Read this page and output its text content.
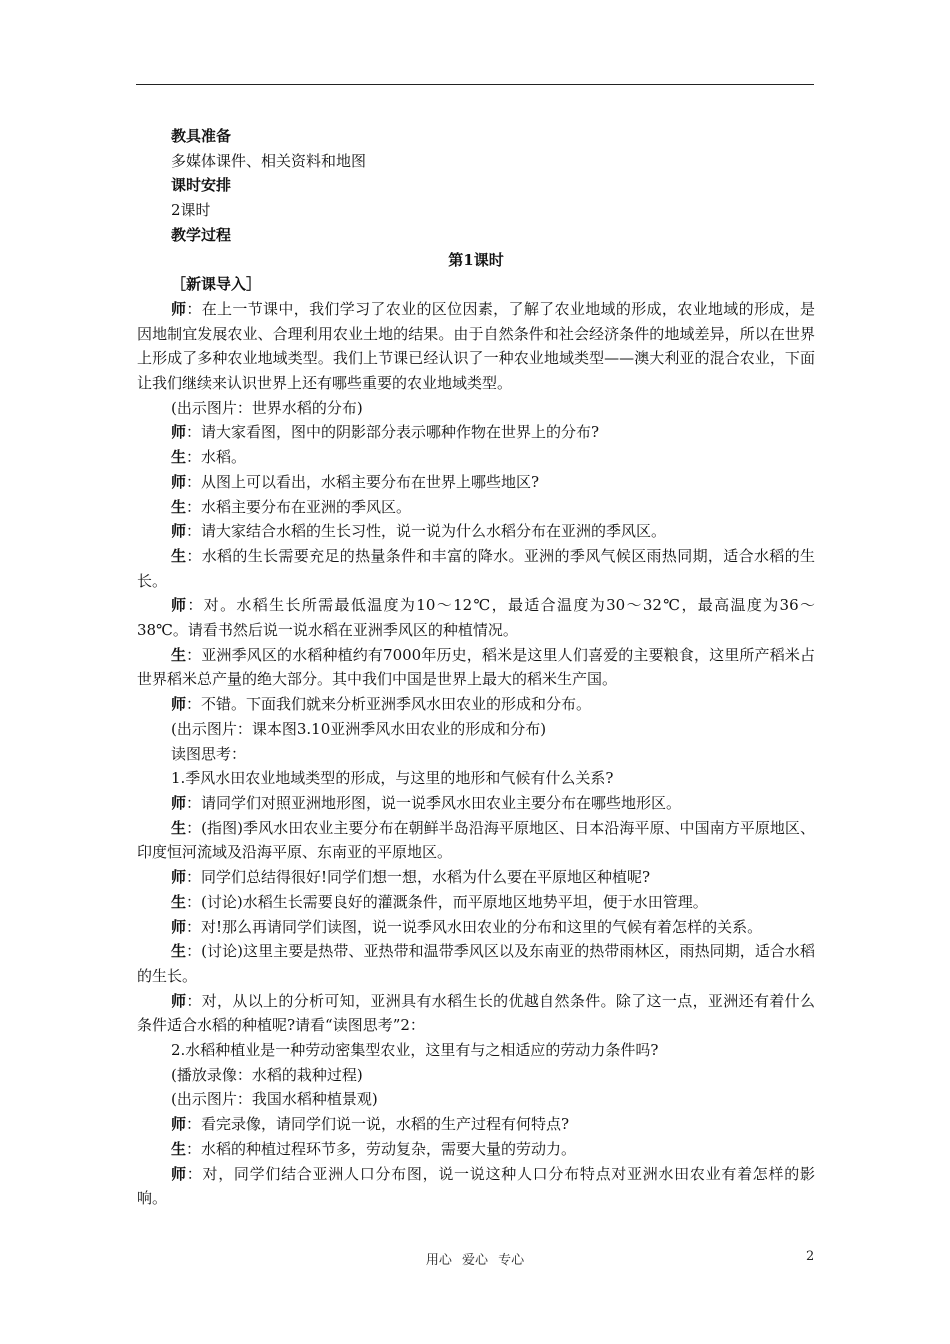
教具准备

多媒体课件、相关资料和地图

课时安排

2课时

教学过程

第1课时

［新课导入］

师：在上一节课中，我们学习了农业的区位因素，了解了农业地域的形成，农业地域的形成，是因地制宜发展农业、合理利用农业土地的结果。由于自然条件和社会经济条件的地域差异，所以在世界上形成了多种农业地域类型。我们上节课已经认识了一种农业地域类型——澳大利亚的混合农业，下面让我们继续来认识世界上还有哪些重要的农业地域类型。

(出示图片：世界水稻的分布)

师：请大家看图，图中的阴影部分表示哪种作物在世界上的分布?

生：水稻。

师：从图上可以看出，水稻主要分布在世界上哪些地区?

生：水稻主要分布在亚洲的季风区。

师：请大家结合水稻的生长习性，说一说为什么水稻分布在亚洲的季风区。

生：水稻的生长需要充足的热量条件和丰富的降水。亚洲的季风气候区雨热同期，适合水稻的生长。

师：对。水稻生长所需最低温度为10～12℃，最适合温度为30～32℃，最高温度为36～38℃。请看书然后说一说水稻在亚洲季风区的种植情况。

生：亚洲季风区的水稻种植约有7000年历史，稻米是这里人们喜爱的主要粮食，这里所产稻米占世界稻米总产量的绝大部分。其中我们中国是世界上最大的稻米生产国。

师：不错。下面我们就来分析亚洲季风水田农业的形成和分布。

(出示图片：课本图3.10亚洲季风水田农业的形成和分布)

读图思考：

1.季风水田农业地域类型的形成，与这里的地形和气候有什么关系?

师：请同学们对照亚洲地形图，说一说季风水田农业主要分布在哪些地形区。

生：(指图)季风水田农业主要分布在朝鲜半岛沿海平原地区、日本沿海平原、中国南方平原地区、印度恒河流域及沿海平原、东南亚的平原地区。

师：同学们总结得很好!同学们想一想，水稻为什么要在平原地区种植呢?

生：(讨论)水稻生长需要良好的灌溉条件，而平原地区地势平坦，便于水田管理。

师：对!那么再请同学们读图，说一说季风水田农业的分布和这里的气候有着怎样的关系。

生：(讨论)这里主要是热带、亚热带和温带季风区以及东南亚的热带雨林区，雨热同期，适合水稻的生长。

师：对，从以上的分析可知，亚洲具有水稻生长的优越自然条件。除了这一点，亚洲还有着什么条件适合水稻的种植呢?请看“读图思考”2：

2.水稻种植业是一种劳动密集型农业，这里有与之相适应的劳动力条件吗?

(播放录像：水稻的栽种过程)

(出示图片：我国水稻种植景观)

师：看完录像，请同学们说一说，水稻的生产过程有何特点?

生：水稻的种植过程环节多，劳动复杂，需要大量的劳动力。

师：对，同学们结合亚洲人口分布图，说一说这种人口分布特点对亚洲水田农业有着怎样的影响。

用心 爱心 专心	2
